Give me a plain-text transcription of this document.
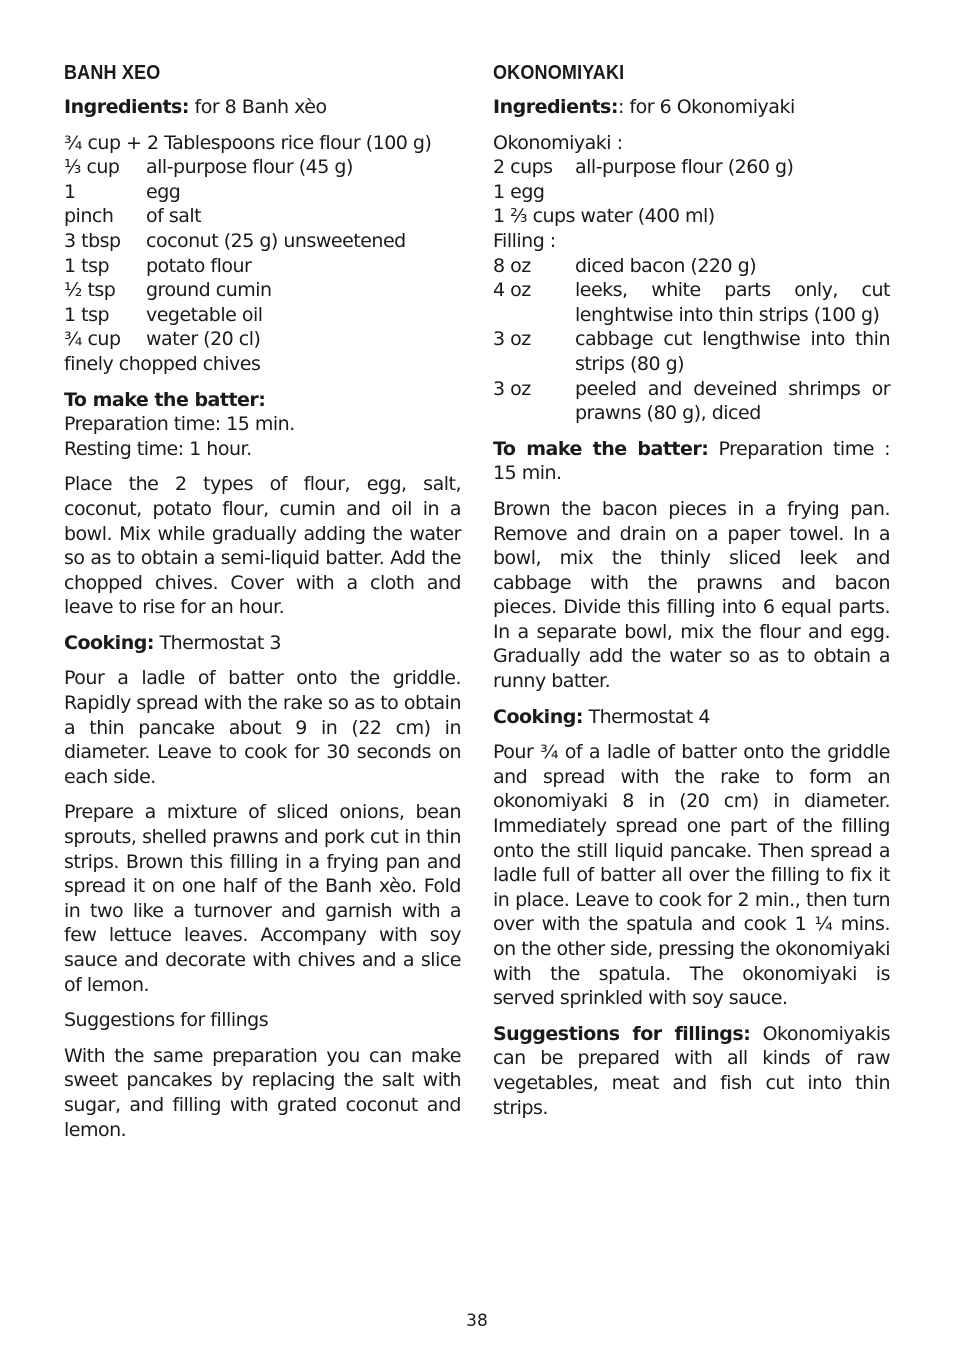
BANH XEO
Ingredients: for 8 Banh xèo
¾ cup + 2 Tablespoons rice flour (100 g)
¹⁄₃ cup	all-purpose flour (45 g)
1	egg
pinch	of salt
3 tbsp	coconut (25 g) unsweetened
1 tsp	potato flour
½ tsp	ground cumin
1 tsp	vegetable oil
¾ cup	water (20 cl)
finely chopped chives
To make the batter:
Preparation time: 15 min.
Resting time: 1 hour.
Place the 2 types of flour, egg, salt, coconut, potato flour, cumin and oil in a bowl. Mix while gradually adding the water so as to obtain a semi-liquid batter. Add the chopped chives. Cover with a cloth and leave to rise for an hour.
Cooking: Thermostat 3
Pour a ladle of batter onto the griddle. Rapidly spread with the rake so as to obtain a thin pancake about 9 in (22 cm) in diameter. Leave to cook for 30 seconds on each side.
Prepare a mixture of sliced onions, bean sprouts, shelled prawns and pork cut in thin strips. Brown this filling in a frying pan and spread it on one half of the Banh xèo. Fold in two like a turnover and garnish with a few lettuce leaves. Accompany with soy sauce and decorate with chives and a slice of lemon.
Suggestions for fillings
With the same preparation you can make sweet pancakes by replacing the salt with sugar, and filling with grated coconut and lemon.
OKONOMIYAKI
Ingredients:: for 6 Okonomiyaki
Okonomiyaki :
2 cups	all-purpose flour (260 g)
1 egg
1 ²⁄₃ cups water (400 ml)
Filling :
8 oz	diced bacon (220 g)
4 oz	leeks, white parts only, cut lenghtwise into thin strips (100 g)
3 oz	cabbage cut lengthwise into thin strips (80 g)
3 oz	peeled and deveined shrimps or prawns (80 g), diced
To make the batter: Preparation time : 15 min.
Brown the bacon pieces in a frying pan. Remove and drain on a paper towel. In a bowl, mix the thinly sliced leek and cabbage with the prawns and bacon pieces. Divide this filling into 6 equal parts. In a separate bowl, mix the flour and egg. Gradually add the water so as to obtain a runny batter.
Cooking: Thermostat 4
Pour ¾ of a ladle of batter onto the griddle and spread with the rake to form an okonomiyaki 8 in (20 cm) in diameter. Immediately spread one part of the filling onto the still liquid pancake. Then spread a ladle full of batter all over the filling to fix it in place. Leave to cook for 2 min., then turn over with the spatula and cook 1 ¼ mins. on the other side, pressing the okonomiyaki with the spatula. The okonomiyaki is served sprinkled with soy sauce.
Suggestions for fillings: Okonomiyakis can be prepared with all kinds of raw vegetables, meat and fish cut into thin strips.
38
